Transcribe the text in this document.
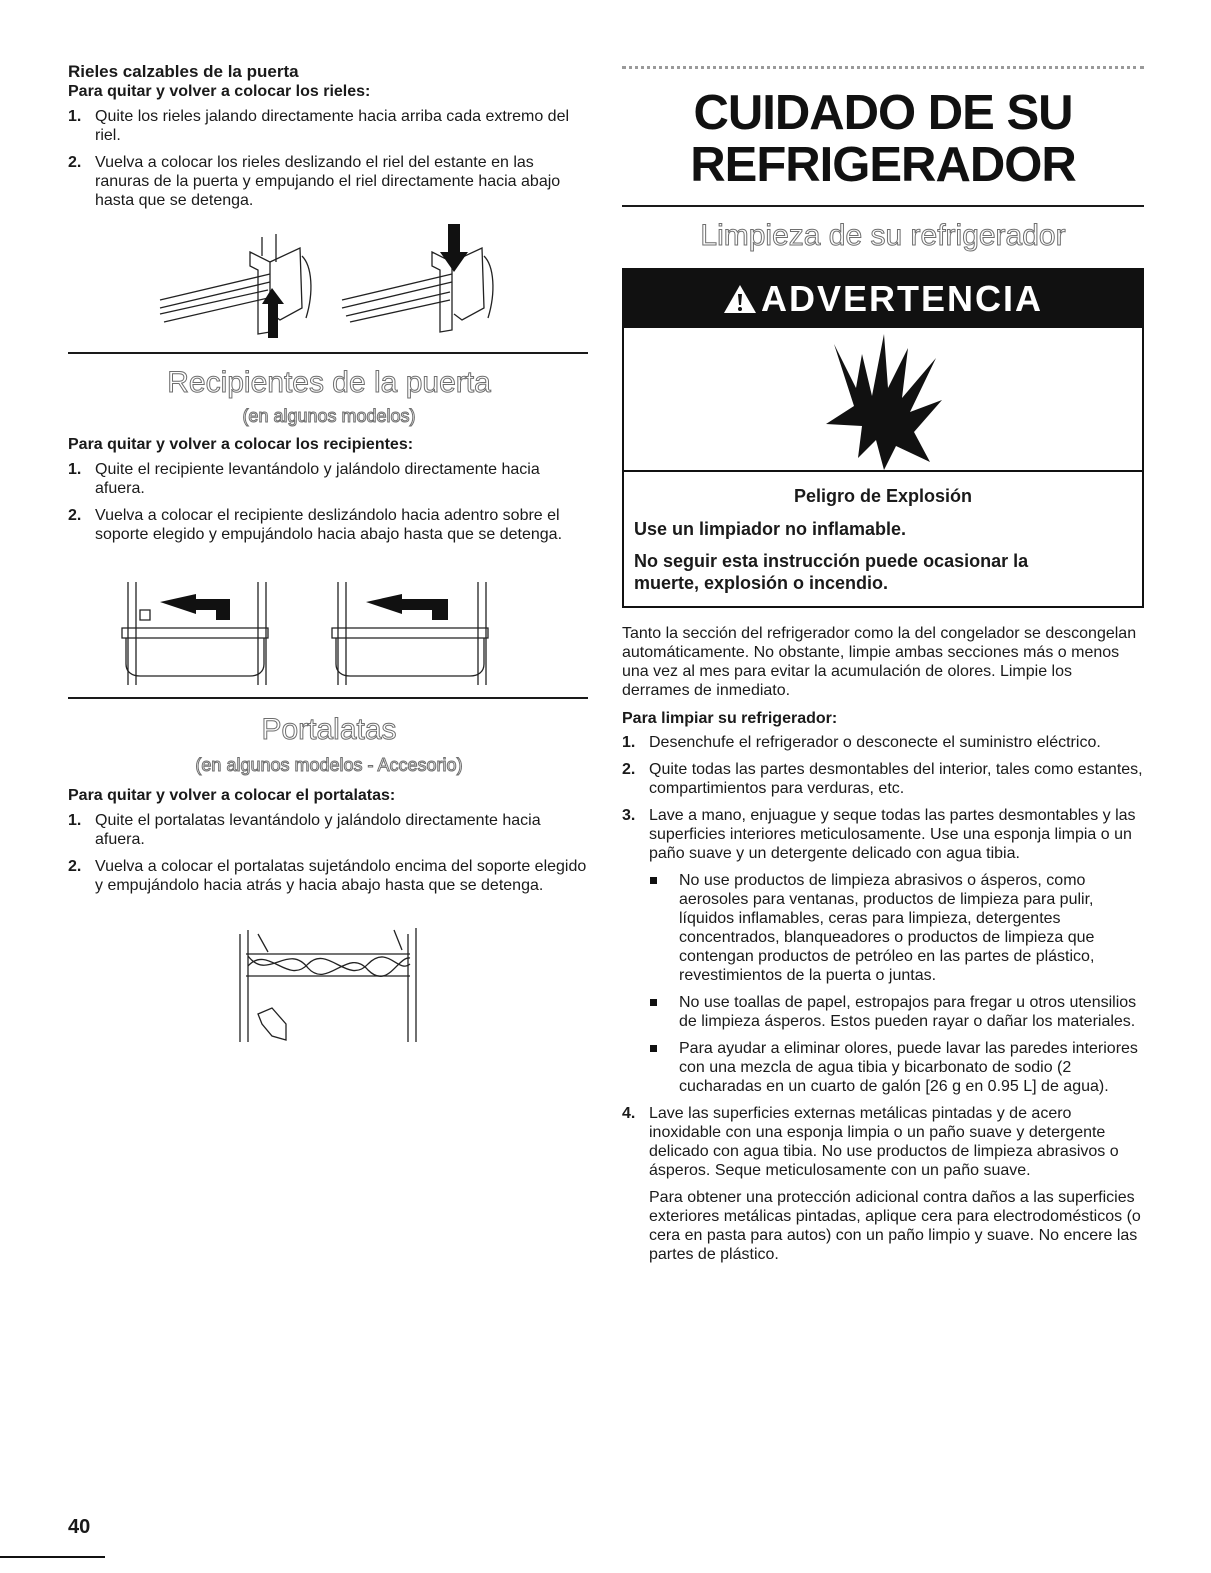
Rieles calzables de la puerta
Para quitar y volver a colocar los rieles:
1. Quite los rieles jalando directamente hacia arriba cada extremo del riel.
2. Vuelva a colocar los rieles deslizando el riel del estante en las ranuras de la puerta y empujando el riel directamente hacia abajo hasta que se detenga.
Recipientes de la puerta
(en algunos modelos)
Para quitar y volver a colocar los recipientes:
1. Quite el recipiente levantándolo y jalándolo directamente hacia afuera.
2. Vuelva a colocar el recipiente deslizándolo hacia adentro sobre el soporte elegido y empujándolo hacia abajo hasta que se detenga.
Portalatas
(en algunos modelos - Accesorio)
Para quitar y volver a colocar el portalatas:
1. Quite el portalatas levantándolo y jalándolo directamente hacia afuera.
2. Vuelva a colocar el portalatas sujetándolo encima del soporte elegido y empujándolo hacia atrás y hacia abajo hasta que se detenga.
CUIDADO DE SU
REFRIGERADOR
Limpieza de su refrigerador
ADVERTENCIA
Peligro de Explosión
Use un limpiador no inflamable.
No seguir esta instrucción puede ocasionar la muerte, explosión o incendio.

Tanto la sección del refrigerador como la del congelador se descongelan automáticamente. No obstante, limpie ambas secciones más o menos una vez al mes para evitar la acumulación de olores. Limpie los derrames de inmediato.

Para limpiar su refrigerador:
1. Desenchufe el refrigerador o desconecte el suministro eléctrico.
2. Quite todas las partes desmontables del interior, tales como estantes, compartimientos para verduras, etc.
3. Lave a mano, enjuague y seque todas las partes desmontables y las superficies interiores meticulosamente. Use una esponja limpia o un paño suave y un detergente delicado con agua tibia.
No use productos de limpieza abrasivos o ásperos, como aerosoles para ventanas, productos de limpieza para pulir, líquidos inflamables, ceras para limpieza, detergentes concentrados, blanqueadores o productos de limpieza que contengan productos de petróleo en las partes de plástico, revestimientos de la puerta o juntas.
No use toallas de papel, estropajos para fregar u otros utensilios de limpieza ásperos. Estos pueden rayar o dañar los materiales.
Para ayudar a eliminar olores, puede lavar las paredes interiores con una mezcla de agua tibia y bicarbonato de sodio (2 cucharadas en un cuarto de galón [26 g en 0.95 L] de agua).
4. Lave las superficies externas metálicas pintadas y de acero inoxidable con una esponja limpia o un paño suave y detergente delicado con agua tibia. No use productos de limpieza abrasivos o ásperos. Seque meticulosamente con un paño suave.

Para obtener una protección adicional contra daños a las superficies exteriores metálicas pintadas, aplique cera para electrodomésticos (o cera en pasta para autos) con un paño limpio y suave. No encere las partes de plástico.

40
